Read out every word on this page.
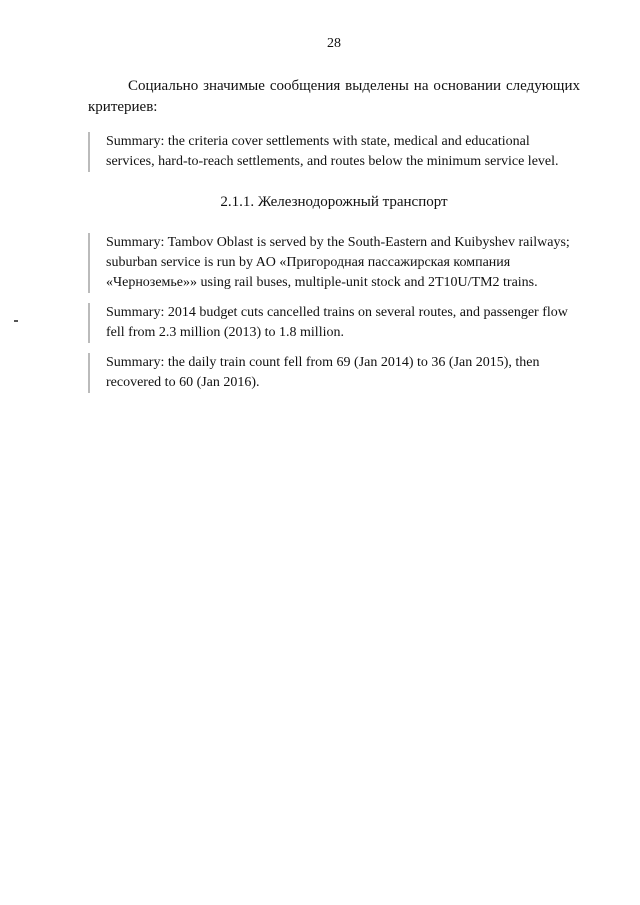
28

Социально значимые сообщения выделены на основании следующих критериев:

Summary: the criteria cover settlements with state, medical and educational services, hard-to-reach settlements, and routes below the minimum service level.

2.1.1. Железнодорожный транспорт

Summary: Tambov Oblast is served by the South-Eastern and Kuibyshev railways; suburban service is run by AO «Пригородная пассажирская компания «Черноземье»» using rail buses, multiple-unit stock and 2T10U/TM2 trains.

Summary: 2014 budget cuts cancelled trains on several routes, and passenger flow fell from 2.3 million (2013) to 1.8 million.

Summary: the daily train count fell from 69 (Jan 2014) to 36 (Jan 2015), then recovered to 60 (Jan 2016).
